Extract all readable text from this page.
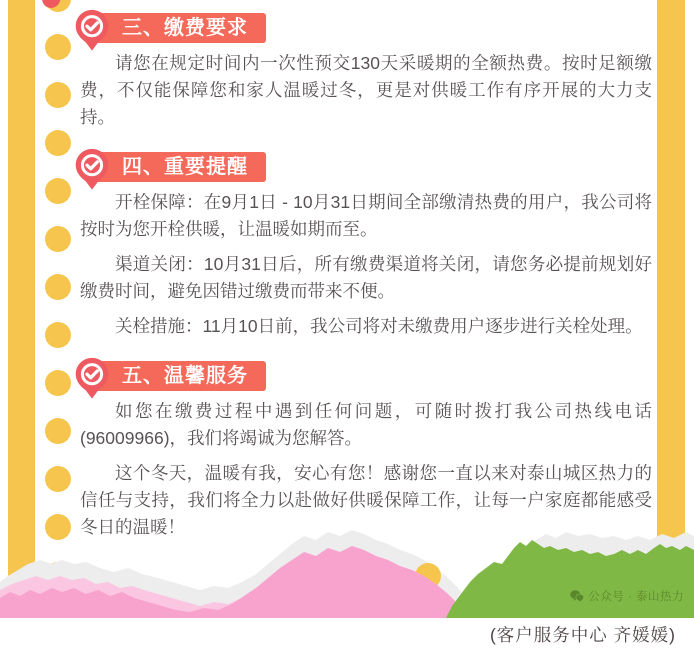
三、缴费要求

请您在规定时间内一次性预交130天采暖期的全额热费。按时足额缴费，不仅能保障您和家人温暖过冬，更是对供暖工作有序开展的大力支持。

四、重要提醒

开栓保障：在9月1日 - 10月31日期间全部缴清热费的用户，我公司将按时为您开栓供暖，让温暖如期而至。

渠道关闭：10月31日后，所有缴费渠道将关闭，请您务必提前规划好缴费时间，避免因错过缴费而带来不便。

关栓措施：11月10日前，我公司将对未缴费用户逐步进行关栓处理。

五、温馨服务

如您在缴费过程中遇到任何问题，可随时拨打我公司热线电话(96009966)，我们将竭诚为您解答。

这个冬天，温暖有我，安心有您！感谢您一直以来对泰山城区热力的信任与支持，我们将全力以赴做好供暖保障工作，让每一户家庭都能感受冬日的温暖！

公众号 · 泰山热力
(客户服务中心 齐媛媛)
